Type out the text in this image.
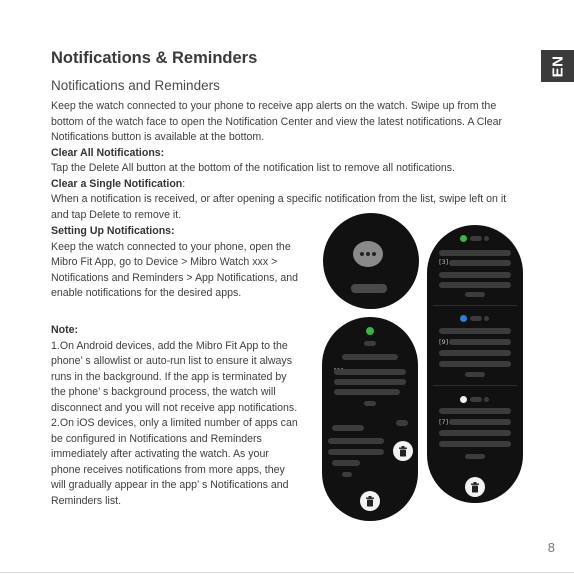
Notifications & Reminders
Notifications and Reminders
EN

Keep the watch connected to your phone to receive app alerts on the watch. Swipe up from the bottom of the watch face to open the Notification Center and view the latest notifications. A Clear Notifications button is available at the bottom.

Clear All Notifications:

Tap the Delete All button at the bottom of the notification list to remove all notifications.

Clear a Single Notification:

When a notification is received, or after opening a specific notification from the list, swipe left on it and tap Delete to remove it.

Setting Up Notifications:

Keep the watch connected to your phone, open the Mibro Fit App, go to Device > Mibro Watch xxx > Notifications and Reminders > App Notifications, and enable notifications for the desired apps.

Note:

1.On Android devices, add the Mibro Fit App to the phone’ s allowlist or auto-run list to ensure it always runs in the background. If the app is terminated by the phone’ s background process, the watch will disconnect and you will not receive app notifications.

2.On iOS devices, only a limited number of apps can be configured in Notifications and Reminders immediately after activating the watch. As your phone receives notifications from more apps, they will gradually appear in the app’ s Notifications and Reminders list.

[3]
[9]
[7]
8
